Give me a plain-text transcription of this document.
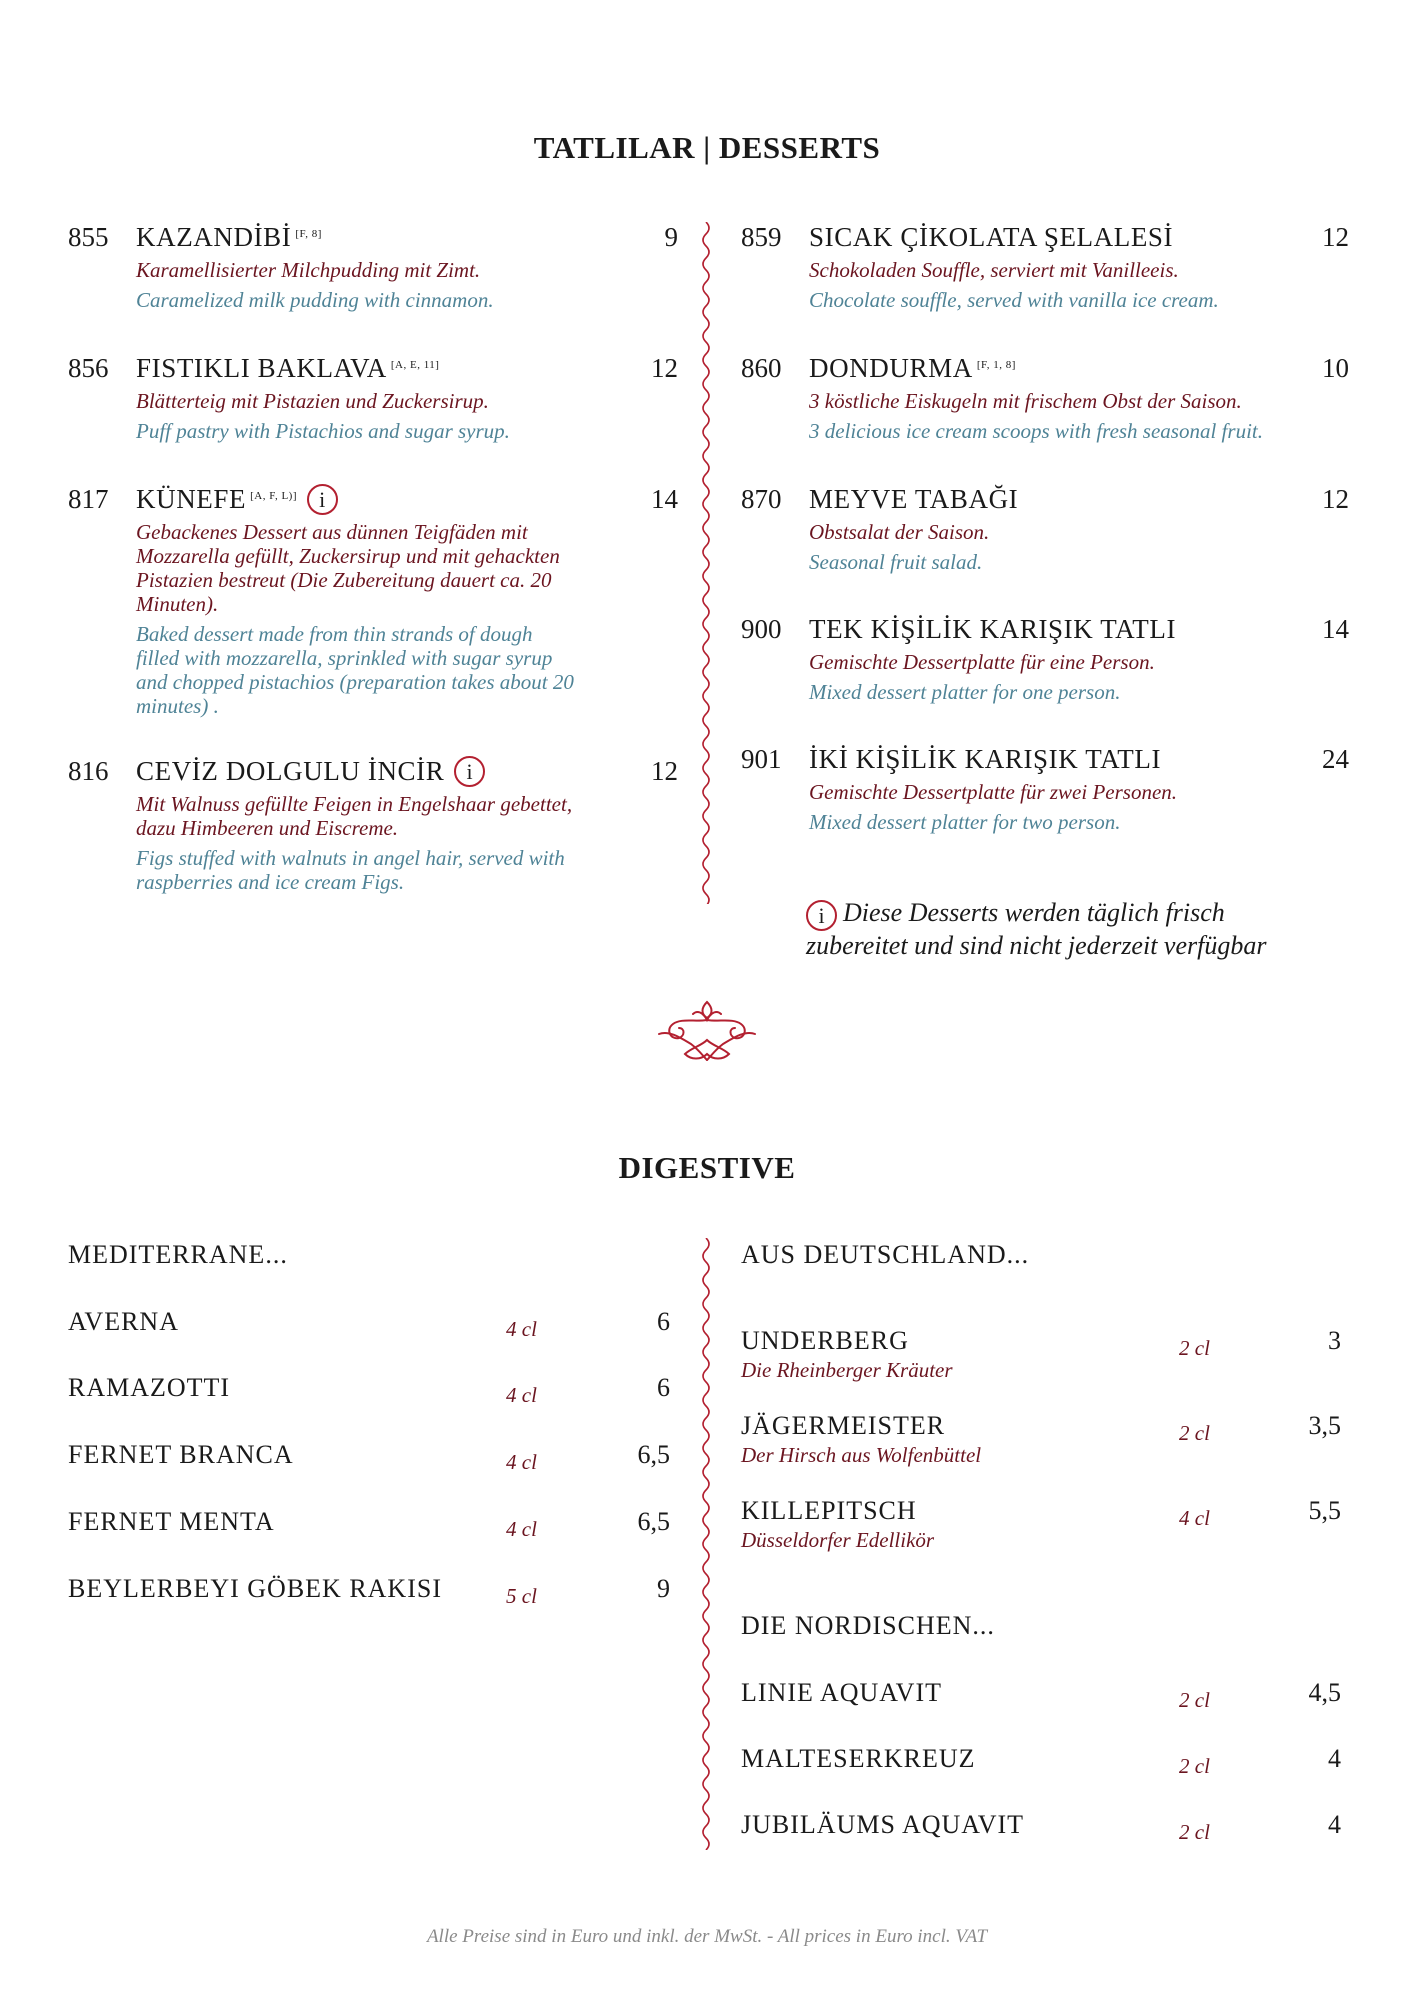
TATLILAR | DESSERTS
855 KAZANDİBİ [F, 8]	9
Karamellisierter Milchpudding mit Zimt.
Caramelized milk pudding with cinnamon.
856 FISTIKLI BAKLAVA [A, E, 11]	12
Blätterteig mit Pistazien und Zuckersirup.
Puff pastry with Pistachios and sugar syrup.
817 KÜNEFE [A, F, L)] i	14
Gebackenes Dessert aus dünnen Teigfäden mit
Mozzarella gefüllt, Zuckersirup und mit gehackten
Pistazien bestreut (Die Zubereitung dauert ca. 20
Minuten).
Baked dessert made from thin strands of dough
filled with mozzarella, sprinkled with sugar syrup
and chopped pistachios (preparation takes about 20
minutes) .
816 CEVİZ DOLGULU İNCİR i	12
Mit Walnuss gefüllte Feigen in Engelshaar gebettet,
dazu Himbeeren und Eiscreme.
Figs stuffed with walnuts in angel hair, served with
raspberries and ice cream Figs.
859 SICAK ÇİKOLATA ŞELALESİ	12
Schokoladen Souffle, serviert mit Vanilleeis.
Chocolate souffle, served with vanilla ice cream.
860 DONDURMA [F, 1, 8]	10
3 köstliche Eiskugeln mit frischem Obst der Saison.
3 delicious ice cream scoops with fresh seasonal fruit.
870 MEYVE TABAĞI	12
Obstsalat der Saison.
Seasonal fruit salad.
900 TEK KİŞİLİK KARIŞIK TATLI	14
Gemischte Dessertplatte für eine Person.
Mixed dessert platter for one person.
901 İKİ KİŞİLİK KARIŞIK TATLI	24
Gemischte Dessertplatte für zwei Personen.
Mixed dessert platter for two person.
i Diese Desserts werden täglich frisch
zubereitet und sind nicht jederzeit verfügbar
DIGESTIVE
MEDITERRANE...
AVERNA	4 cl	6
RAMAZOTTI	4 cl	6
FERNET BRANCA	4 cl	6,5
FERNET MENTA	4 cl	6,5
BEYLERBEYI GÖBEK RAKISI	5 cl	9
AUS DEUTSCHLAND...
UNDERBERG
Die Rheinberger Kräuter
2 cl	3
JÄGERMEISTER
Der Hirsch aus Wolfenbüttel
2 cl	3,5
KILLEPITSCH
Düsseldorfer Edellikör
4 cl	5,5
DIE NORDISCHEN...
LINIE AQUAVIT	2 cl	4,5
MALTESERKREUZ	2 cl	4
JUBILÄUMS AQUAVIT	2 cl	4
Alle Preise sind in Euro und inkl. der MwSt. - All prices in Euro incl. VAT
